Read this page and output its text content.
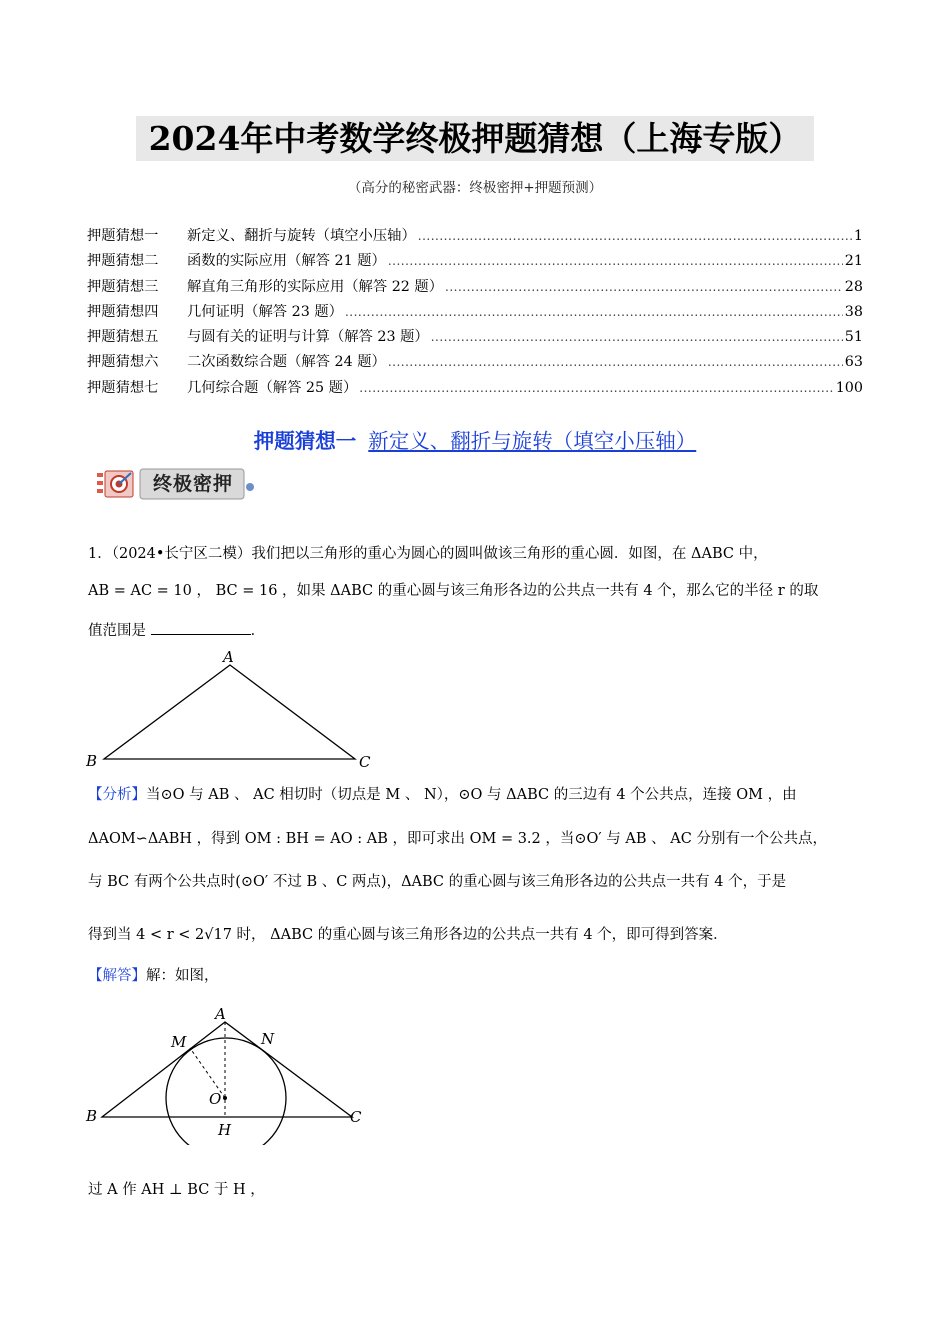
2024年中考数学终极押题猜想（上海专版）
（高分的秘密武器：终极密押+押题预测）
押题猜想一	新定义、翻折与旋转（填空小压轴） .....	1
押题猜想二	函数的实际应用（解答 21 题） .....	21
押题猜想三	解直角三角形的实际应用（解答 22 题） .....	28
押题猜想四	几何证明（解答 23 题） .....	38
押题猜想五	与圆有关的证明与计算（解答 23 题） .....	51
押题猜想六	二次函数综合题（解答 24 题） .....	63
押题猜想七	几何综合题（解答 25 题） .....	100
押题猜想一 新定义、翻折与旋转（填空小压轴）
终极密押
1．（2024•长宁区二模）我们把以三角形的重心为圆心的圆叫做该三角形的重心圆．如图，在 ΔABC 中，
AB = AC = 10 ， BC = 16 ，如果 ΔABC 的重心圆与该三角形各边的公共点一共有 4 个，那么它的半径 r 的取
值范围是	．
A
B	C
【分析】当⊙O 与 AB 、 AC 相切时（切点是 M 、 N），⊙O 与 ΔABC 的三边有 4 个公共点，连接 OM ，由
ΔAOM∽ΔABH ，得到 OM : BH = AO : AB ，即可求出 OM = 3.2 ，当⊙O′ 与 AB 、 AC 分别有一个公共点，
与 BC 有两个公共点时(⊙O′ 不过 B 、C 两点)，ΔABC 的重心圆与该三角形各边的公共点一共有 4 个，于是
得到当 4 < r < 2√17 时， ΔABC 的重心圆与该三角形各边的公共点一共有 4 个，即可得到答案．
【解答】解：如图，
A
B	C
M	N
O
H
过 A 作 AH ⊥ BC 于 H ，
